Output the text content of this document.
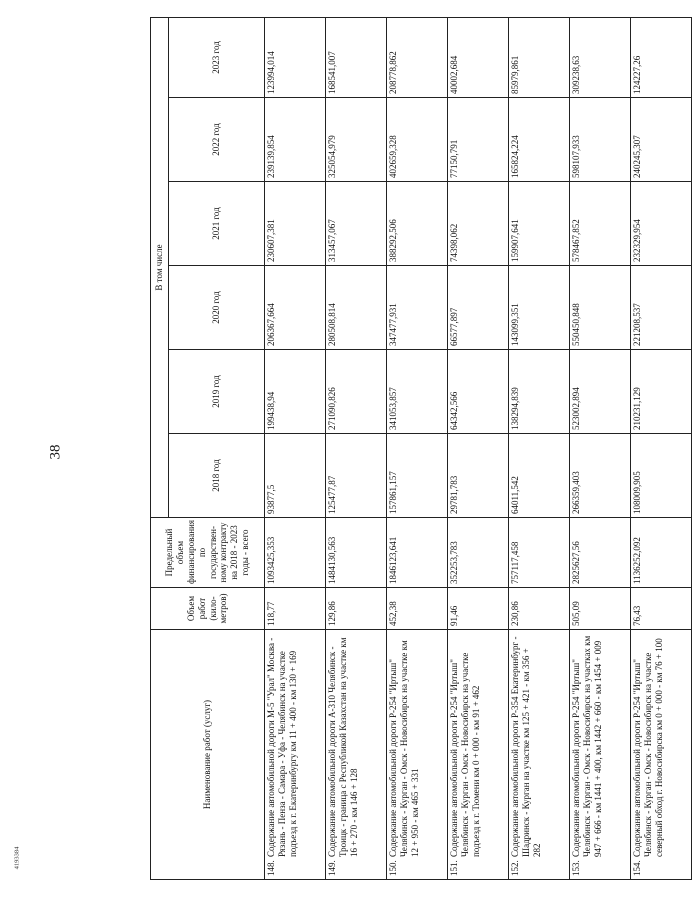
38
4193384
Наименование работ (услуг)	Объем работ (кило-метров)	Предельный объем финансирования по государствен-ному контракту на 2018 - 2023 годы - всего	В том числе
2018 год	2019 год	2020 год	2021 год	2022 год	2023 год

148.	Содержание автомобильной дороги М-5 "Урал" Москва - Рязань - Пенза - Самара - Уфа - Челябинск на участке подъезд к г. Екатеринбургу км 11 + 400 - км 130 + 169
	118,77	1093425,353	93877,5	199438,94	206367,664	230607,381	239139,854	123994,014

149.	Содержание автомобильной дороги А-310 Челябинск - Троицк - граница с Республикой Казахстан на участке км 16 + 270 - км 146 + 128
	129,86	1484130,563	125477,87	271090,826	280508,814	313457,067	325054,979	168541,007

150.	Содержание автомобильной дороги Р-254 "Иртыш" Челябинск - Курган - Омск - Новосибирск на участке км 12 + 950 - км 465 + 331
	452,38	1846123,641	157861,157	341053,857	347477,931	388292,506	402659,328	208778,862

151.	Содержание автомобильной дороги Р-254 "Иртыш" Челябинск - Курган - Омск - Новосибирск на участке подъезд к г. Тюмени км 0 + 000 - км 91 + 462
	91,46	352253,783	29781,783	64342,566	66577,897	74398,062	77150,791	40002,684

152.	Содержание автомобильной дороги Р-354 Екатеринбург - Шадринск - Курган на участке км 125 + 421 - км 356 + 282
	230,86	757117,458	64011,542	138294,839	143099,351	159907,641	165824,224	85979,861

153.	Содержание автомобильной дороги Р-254 "Иртыш" Челябинск - Курган - Омск - Новосибирск на участках км 947 + 666 - км 1441 + 400, км 1442 + 660 - км 1454 + 009
	505,09	2825627,56	266359,403	523002,894	550450,848	578467,852	598107,933	309238,63

154.	Содержание автомобильной дороги Р-254 "Иртыш" Челябинск - Курган - Омск - Новосибирск на участке северный обход г. Новосибирска км 0 + 000 - км 76 + 100
	76,43	1136252,092	108009,905	210231,129	221208,537	232329,954	240245,307	124227,26
